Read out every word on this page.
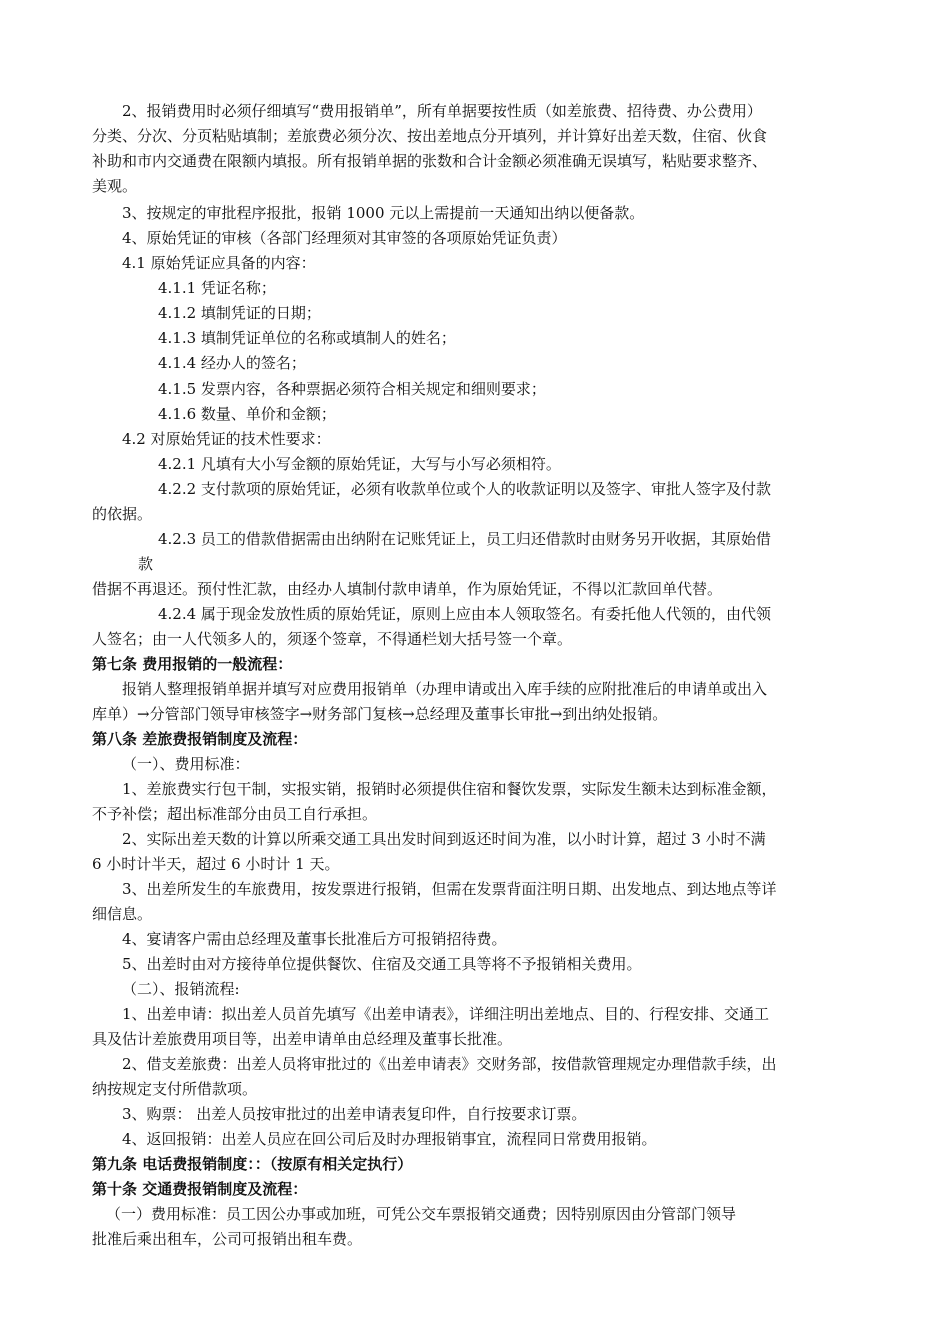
2、报销费用时必须仔细填写“费用报销单”，所有单据要按性质（如差旅费、招待费、办公费用）
分类、分次、分页粘贴填制；差旅费必须分次、按出差地点分开填列，并计算好出差天数，住宿、伙食
补助和市内交通费在限额内填报。所有报销单据的张数和合计金额必须准确无误填写，粘贴要求整齐、
美观。
3、按规定的审批程序报批，报销 1000 元以上需提前一天通知出纳以便备款。
4、原始凭证的审核（各部门经理须对其审签的各项原始凭证负责）
4.1 原始凭证应具备的内容：
4.1.1 凭证名称；
4.1.2 填制凭证的日期；
4.1.3 填制凭证单位的名称或填制人的姓名；
4.1.4 经办人的签名；
4.1.5 发票内容，各种票据必须符合相关规定和细则要求；
4.1.6 数量、单价和金额；
4.2 对原始凭证的技术性要求：
4.2.1 凡填有大小写金额的原始凭证，大写与小写必须相符。
4.2.2 支付款项的原始凭证，必须有收款单位或个人的收款证明以及签字、审批人签字及付款
的依据。
4.2.3 员工的借款借据需由出纳附在记账凭证上，员工归还借款时由财务另开收据，其原始借
款
借据不再退还。预付性汇款，由经办人填制付款申请单，作为原始凭证，不得以汇款回单代替。
4.2.4 属于现金发放性质的原始凭证，原则上应由本人领取签名。有委托他人代领的，由代领
人签名；由一人代领多人的，须逐个签章，不得通栏划大括号签一个章。
第七条 费用报销的一般流程：
报销人整理报销单据并填写对应费用报销单（办理申请或出入库手续的应附批准后的申请单或出入
库单）→分管部门领导审核签字→财务部门复核→总经理及董事长审批→到出纳处报销。
第八条 差旅费报销制度及流程：
（一）、费用标准：
1、差旅费实行包干制，实报实销，报销时必须提供住宿和餐饮发票，实际发生额未达到标准金额，
不予补偿；超出标准部分由员工自行承担。
2、实际出差天数的计算以所乘交通工具出发时间到返还时间为准，以小时计算，超过 3 小时不满
6 小时计半天，超过 6 小时计 1 天。
3、出差所发生的车旅费用，按发票进行报销，但需在发票背面注明日期、出发地点、到达地点等详
细信息。
4、宴请客户需由总经理及董事长批准后方可报销招待费。
5、出差时由对方接待单位提供餐饮、住宿及交通工具等将不予报销相关费用。
（二）、报销流程:
1、出差申请：拟出差人员首先填写《出差申请表》，详细注明出差地点、目的、行程安排、交通工
具及估计差旅费用项目等，出差申请单由总经理及董事长批准。
2、借支差旅费：出差人员将审批过的《出差申请表》交财务部，按借款管理规定办理借款手续，出
纳按规定支付所借款项。
3、购票： 出差人员按审批过的出差申请表复印件，自行按要求订票。
4、返回报销：出差人员应在回公司后及时办理报销事宜，流程同日常费用报销。
第九条 电话费报销制度：：（按原有相关定执行）
第十条 交通费报销制度及流程：
（一）费用标准：员工因公办事或加班，可凭公交车票报销交通费；因特别原因由分管部门领导
批准后乘出租车，公司可报销出租车费。
